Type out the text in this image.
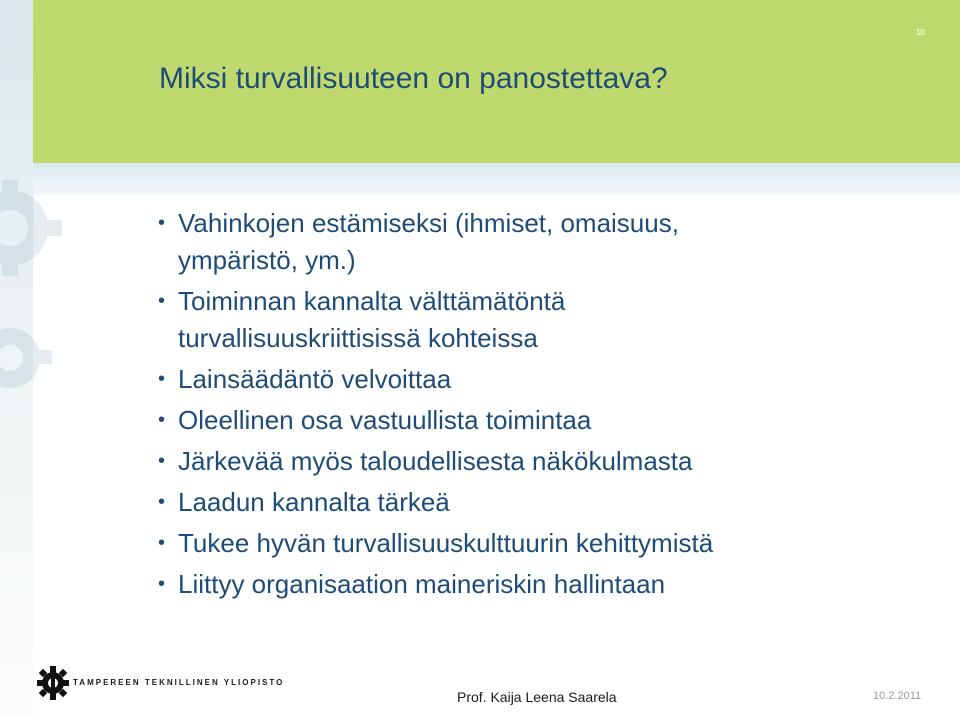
10
Miksi turvallisuuteen on panostettava?
• Vahinkojen estämiseksi (ihmiset, omaisuus,
ympäristö, ym.)
• Toiminnan kannalta välttämätöntä
turvallisuuskriittisissä kohteissa
• Lainsäädäntö velvoittaa
• Oleellinen osa vastuullista toimintaa
• Järkevää myös taloudellisesta näkökulmasta
• Laadun kannalta tärkeä
• Tukee hyvän turvallisuuskulttuurin kehittymistä
• Liittyy organisaation maineriskin hallintaan
TAMPEREEN TEKNILLINEN YLIOPISTO
Prof. Kaija Leena Saarela	10.2.2011
